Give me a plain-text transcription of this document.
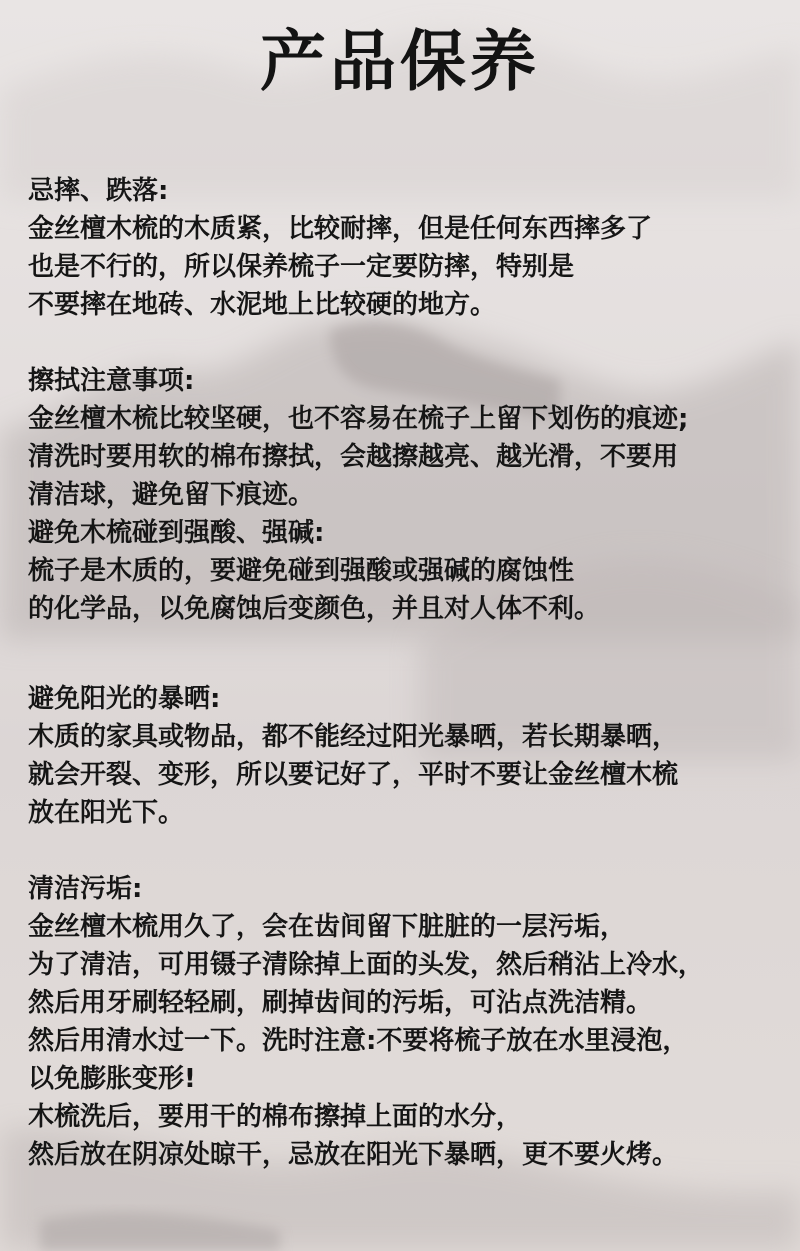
产品保养
忌摔、跌落:
金丝檀木梳的木质紧，比较耐摔，但是任何东西摔多了
也是不行的，所以保养梳子一定要防摔，特别是
不要摔在地砖、水泥地上比较硬的地方。
擦拭注意事项:
金丝檀木梳比较坚硬，也不容易在梳子上留下划伤的痕迹;
清洗时要用软的棉布擦拭，会越擦越亮、越光滑，不要用
清洁球，避免留下痕迹。
避免木梳碰到强酸、强碱:
梳子是木质的，要避免碰到强酸或强碱的腐蚀性
的化学品，以免腐蚀后变颜色，并且对人体不利。
避免阳光的暴晒:
木质的家具或物品，都不能经过阳光暴晒，若长期暴晒，
就会开裂、变形，所以要记好了，平时不要让金丝檀木梳
放在阳光下。
清洁污垢:
金丝檀木梳用久了，会在齿间留下脏脏的一层污垢，
为了清洁，可用镊子清除掉上面的头发，然后稍沾上冷水，
然后用牙刷轻轻刷，刷掉齿间的污垢，可沾点洗洁精。
然后用清水过一下。洗时注意:不要将梳子放在水里浸泡，
以免膨胀变形!
木梳洗后，要用干的棉布擦掉上面的水分，
然后放在阴凉处晾干，忌放在阳光下暴晒，更不要火烤。
